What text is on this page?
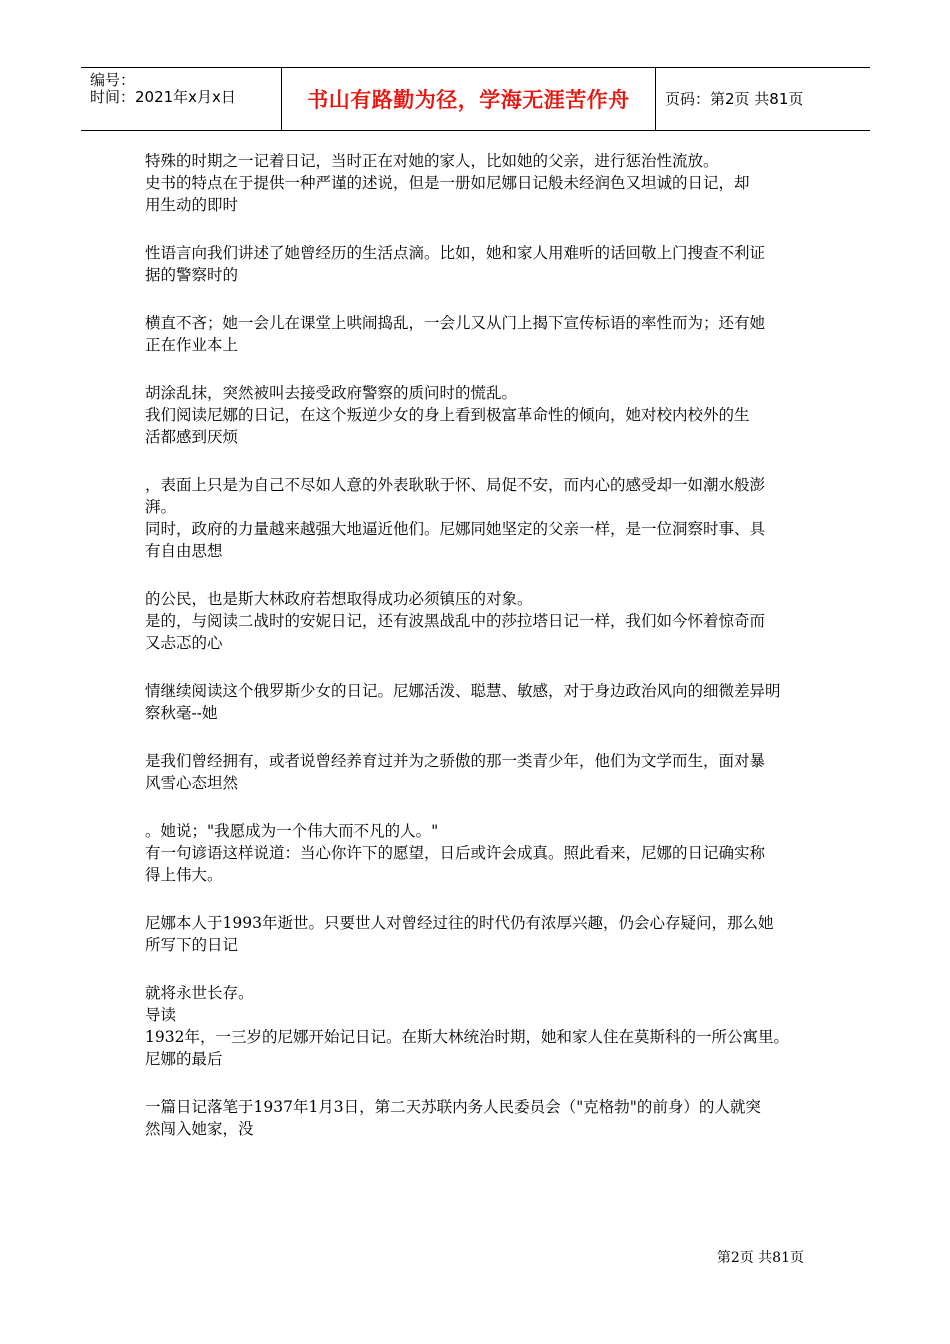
编号：
时间：2021年x月x日	书山有路勤为径，学海无涯苦作舟	页码：第2页 共81页
特殊的时期之一记着日记，当时正在对她的家人，比如她的父亲，进行惩治性流放。
史书的特点在于提供一种严谨的述说，但是一册如尼娜日记般未经润色又坦诚的日记，却
用生动的即时
性语言向我们讲述了她曾经历的生活点滴。比如，她和家人用难听的话回敬上门搜查不利证
据的警察时的
横直不吝；她一会儿在课堂上哄闹捣乱，一会儿又从门上揭下宣传标语的率性而为；还有她
正在作业本上
胡涂乱抹，突然被叫去接受政府警察的质问时的慌乱。
我们阅读尼娜的日记，在这个叛逆少女的身上看到极富革命性的倾向，她对校内校外的生
活都感到厌烦
，表面上只是为自己不尽如人意的外表耿耿于怀、局促不安，而内心的感受却一如潮水般澎
湃。
同时，政府的力量越来越强大地逼近他们。尼娜同她坚定的父亲一样，是一位洞察时事、具
有自由思想
的公民，也是斯大林政府若想取得成功必须镇压的对象。
是的，与阅读二战时的安妮日记，还有波黑战乱中的莎拉塔日记一样，我们如今怀着惊奇而
又忐忑的心
情继续阅读这个俄罗斯少女的日记。尼娜活泼、聪慧、敏感，对于身边政治风向的细微差异明
察秋毫--她
是我们曾经拥有，或者说曾经养育过并为之骄傲的那一类青少年，他们为文学而生，面对暴
风雪心态坦然
。她说；"我愿成为一个伟大而不凡的人。"
有一句谚语这样说道：当心你许下的愿望，日后或许会成真。照此看来，尼娜的日记确实称
得上伟大。
尼娜本人于1993年逝世。只要世人对曾经过往的时代仍有浓厚兴趣，仍会心存疑问，那么她
所写下的日记
就将永世长存。
导读
1932年，一三岁的尼娜开始记日记。在斯大林统治时期，她和家人住在莫斯科的一所公寓里。
尼娜的最后
一篇日记落笔于1937年1月3日，第二天苏联内务人民委员会（"克格勃"的前身）的人就突
然闯入她家，没
第2页 共81页
